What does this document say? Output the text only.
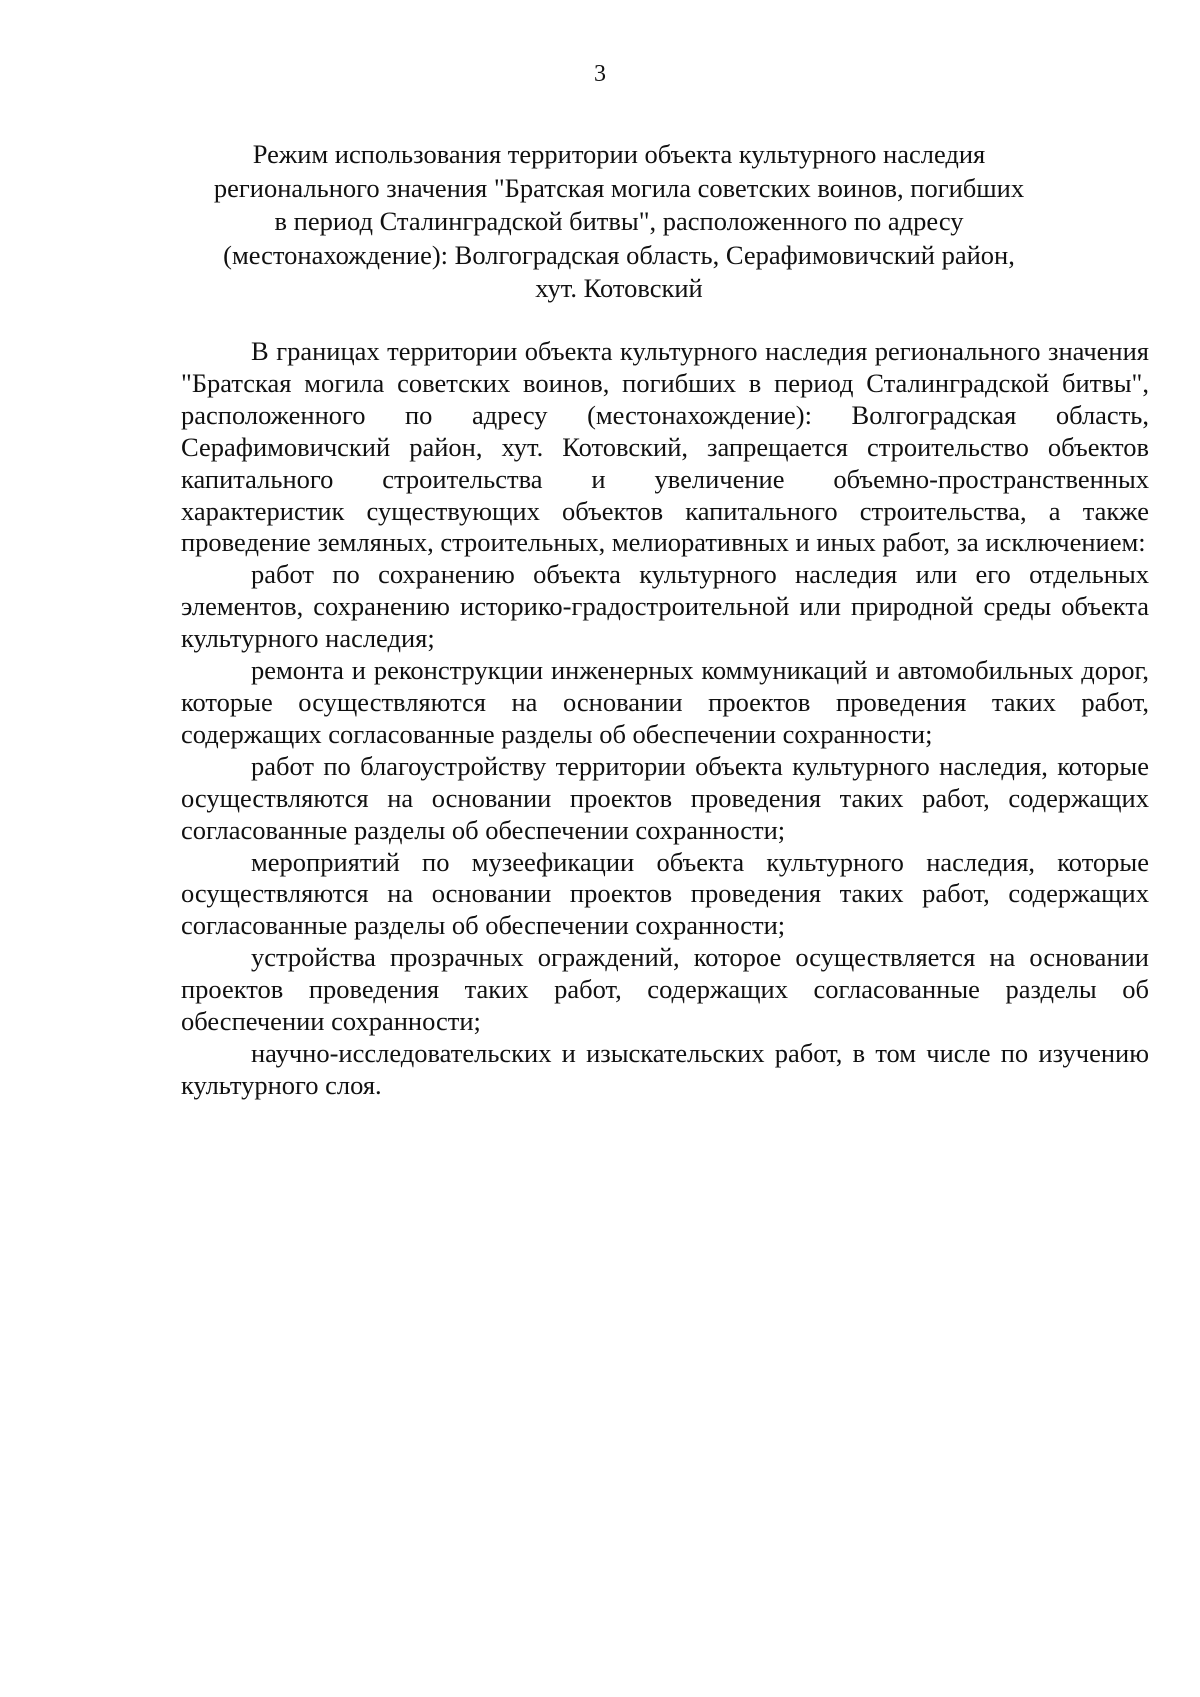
3

Режим использования территории объекта культурного наследия
регионального значения "Братская могила советских воинов, погибших
в период Сталинградской битвы", расположенного по адресу
(местонахождение): Волгоградская область, Серафимовичский район,
хут. Котовский

В границах территории объекта культурного наследия регионального значения "Братская могила советских воинов, погибших в период Сталинградской битвы", расположенного по адресу (местонахождение): Волгоградская область, Серафимовичский район, хут. Котовский, запрещается строительство объектов капитального строительства и увеличение объемно-пространственных характеристик существующих объектов капитального строительства, а также проведение земляных, строительных, мелиоративных и иных работ, за исключением:

работ по сохранению объекта культурного наследия или его отдельных элементов, сохранению историко-градостроительной или природной среды объекта культурного наследия;

ремонта и реконструкции инженерных коммуникаций и автомобильных дорог, которые осуществляются на основании проектов проведения таких работ, содержащих согласованные разделы об обеспечении сохранности;

работ по благоустройству территории объекта культурного наследия, которые осуществляются на основании проектов проведения таких работ, содержащих согласованные разделы об обеспечении сохранности;

мероприятий по музеефикации объекта культурного наследия, которые осуществляются на основании проектов проведения таких работ, содержащих согласованные разделы об обеспечении сохранности;

устройства прозрачных ограждений, которое осуществляется на основании проектов проведения таких работ, содержащих согласованные разделы об обеспечении сохранности;

научно-исследовательских и изыскательских работ, в том числе по изучению культурного слоя.
